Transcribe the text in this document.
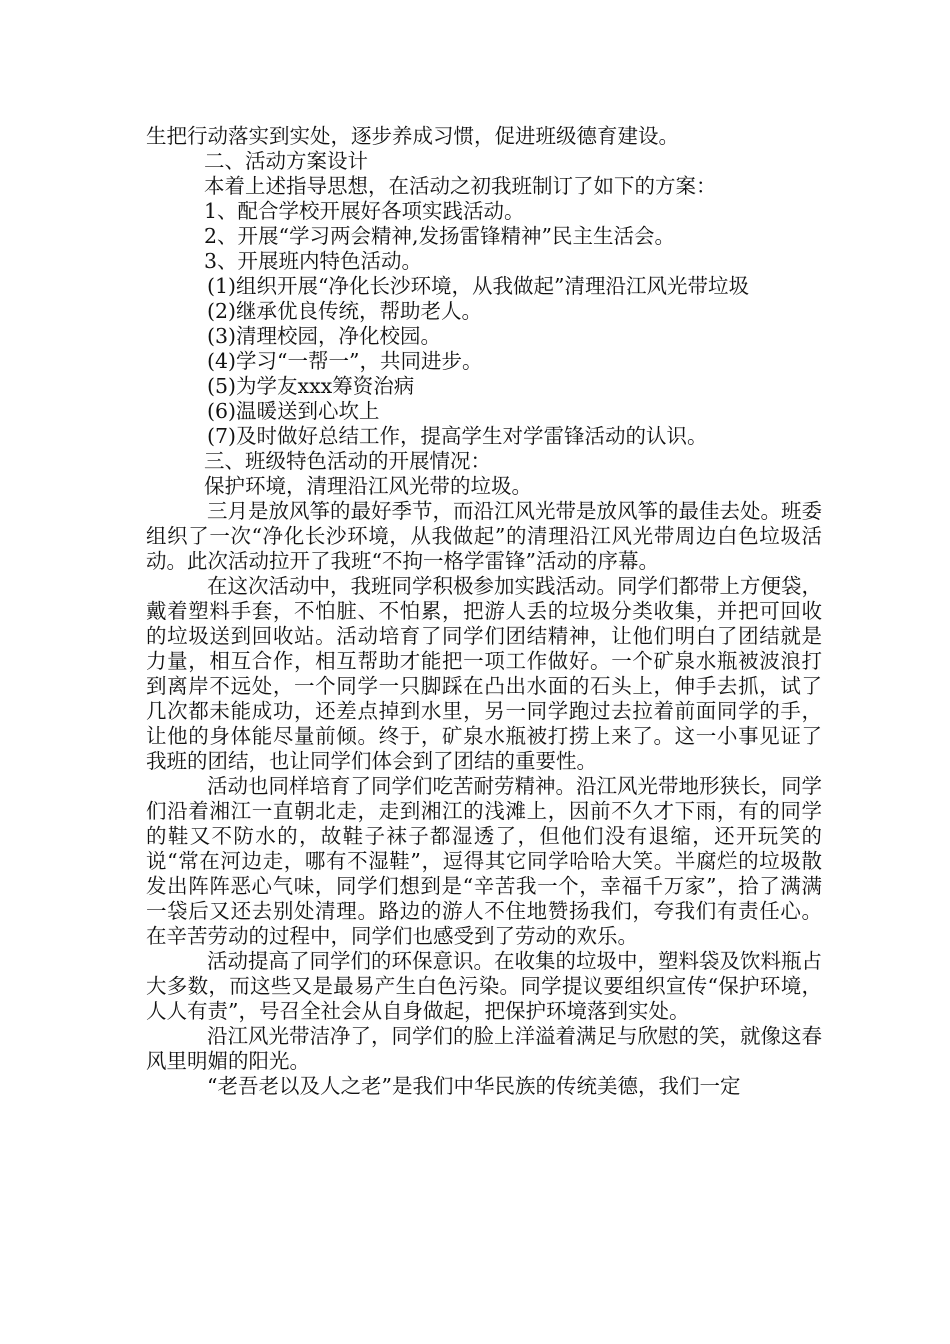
生把行动落实到实处，逐步养成习惯，促进班级德育建设。

二、活动方案设计

本着上述指导思想，在活动之初我班制订了如下的方案：

1、配合学校开展好各项实践活动。

2、开展“学习两会精神,发扬雷锋精神”民主生活会。

3、开展班内特色活动。

(1)组织开展“净化长沙环境，从我做起”清理沿江风光带垃圾

(2)继承优良传统，帮助老人。

(3)清理校园，净化校园。

(4)学习“一帮一”，共同进步。

(5)为学友xxx筹资治病

(6)温暖送到心坎上

(7)及时做好总结工作，提高学生对学雷锋活动的认识。

三、班级特色活动的开展情况：

保护环境，清理沿江风光带的垃圾。

三月是放风筝的最好季节，而沿江风光带是放风筝的最佳去处。班委组织了一次“净化长沙环境，从我做起”的清理沿江风光带周边白色垃圾活动。此次活动拉开了我班“不拘一格学雷锋”活动的序幕。

在这次活动中，我班同学积极参加实践活动。同学们都带上方便袋，戴着塑料手套，不怕脏、不怕累，把游人丢的垃圾分类收集，并把可回收的垃圾送到回收站。活动培育了同学们团结精神，让他们明白了团结就是力量，相互合作，相互帮助才能把一项工作做好。一个矿泉水瓶被波浪打到离岸不远处，一个同学一只脚踩在凸出水面的石头上，伸手去抓，试了几次都未能成功，还差点掉到水里，另一同学跑过去拉着前面同学的手，让他的身体能尽量前倾。终于，矿泉水瓶被打捞上来了。这一小事见证了我班的团结，也让同学们体会到了团结的重要性。

活动也同样培育了同学们吃苦耐劳精神。沿江风光带地形狭长，同学们沿着湘江一直朝北走，走到湘江的浅滩上，因前不久才下雨，有的同学的鞋又不防水的，故鞋子袜子都湿透了，但他们没有退缩，还开玩笑的说“常在河边走，哪有不湿鞋”，逗得其它同学哈哈大笑。半腐烂的垃圾散发出阵阵恶心气味，同学们想到是“辛苦我一个，幸福千万家”，拾了满满一袋后又还去别处清理。路边的游人不住地赞扬我们，夸我们有责任心。在辛苦劳动的过程中，同学们也感受到了劳动的欢乐。

活动提高了同学们的环保意识。在收集的垃圾中，塑料袋及饮料瓶占大多数，而这些又是最易产生白色污染。同学提议要组织宣传“保护环境，人人有责”，号召全社会从自身做起，把保护环境落到实处。

沿江风光带洁净了，同学们的脸上洋溢着满足与欣慰的笑，就像这春风里明媚的阳光。

“老吾老以及人之老”是我们中华民族的传统美德，我们一定
